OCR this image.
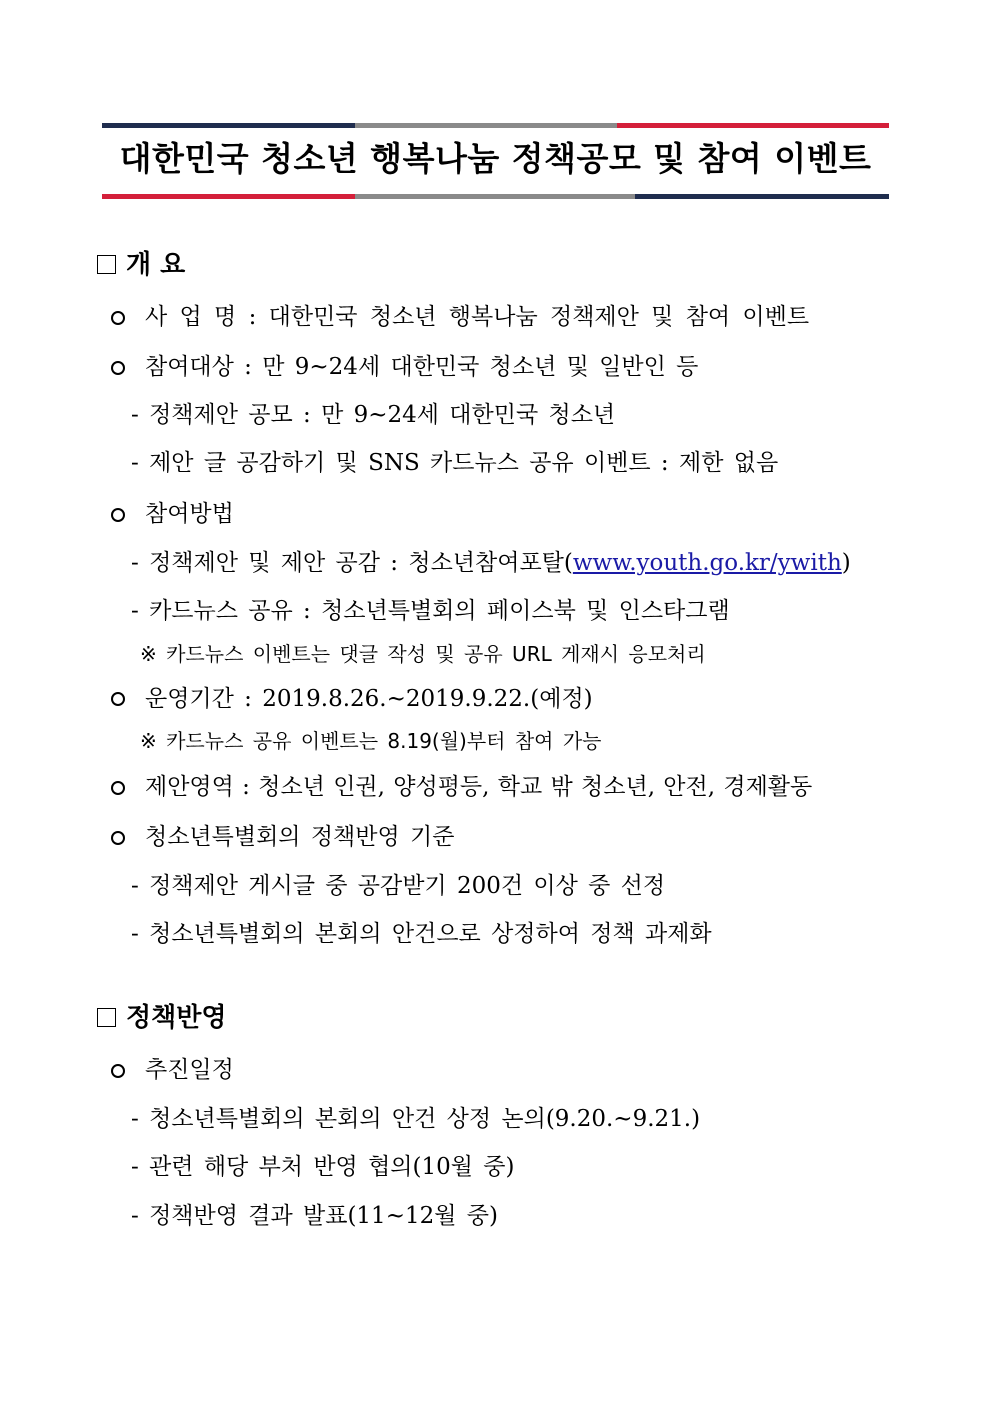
대한민국 청소년 행복나눔 정책공모 및 참여 이벤트
개 요
사 업 명 : 대한민국 청소년 행복나눔 정책제안 및 참여 이벤트
참여대상 : 만 9~24세 대한민국 청소년 및 일반인 등
- 정책제안 공모 : 만 9~24세 대한민국 청소년
- 제안 글 공감하기 및 SNS 카드뉴스 공유 이벤트 : 제한 없음
참여방법
- 정책제안 및 제안 공감 : 청소년참여포탈(www.youth.go.kr/ywith)
- 카드뉴스 공유 : 청소년특별회의 페이스북 및 인스타그램
※ 카드뉴스 이벤트는 댓글 작성 및 공유 URL 게재시 응모처리
운영기간 : 2019.8.26.~2019.9.22.(예정)
※ 카드뉴스 공유 이벤트는 8.19(월)부터 참여 가능
제안영역 : 청소년 인권, 양성평등, 학교 밖 청소년, 안전, 경제활동
청소년특별회의 정책반영 기준
- 정책제안 게시글 중 공감받기 200건 이상 중 선정
- 청소년특별회의 본회의 안건으로 상정하여 정책 과제화
정책반영
추진일정
- 청소년특별회의 본회의 안건 상정 논의(9.20.~9.21.)
- 관련 해당 부처 반영 협의(10월 중)
- 정책반영 결과 발표(11~12월 중)
